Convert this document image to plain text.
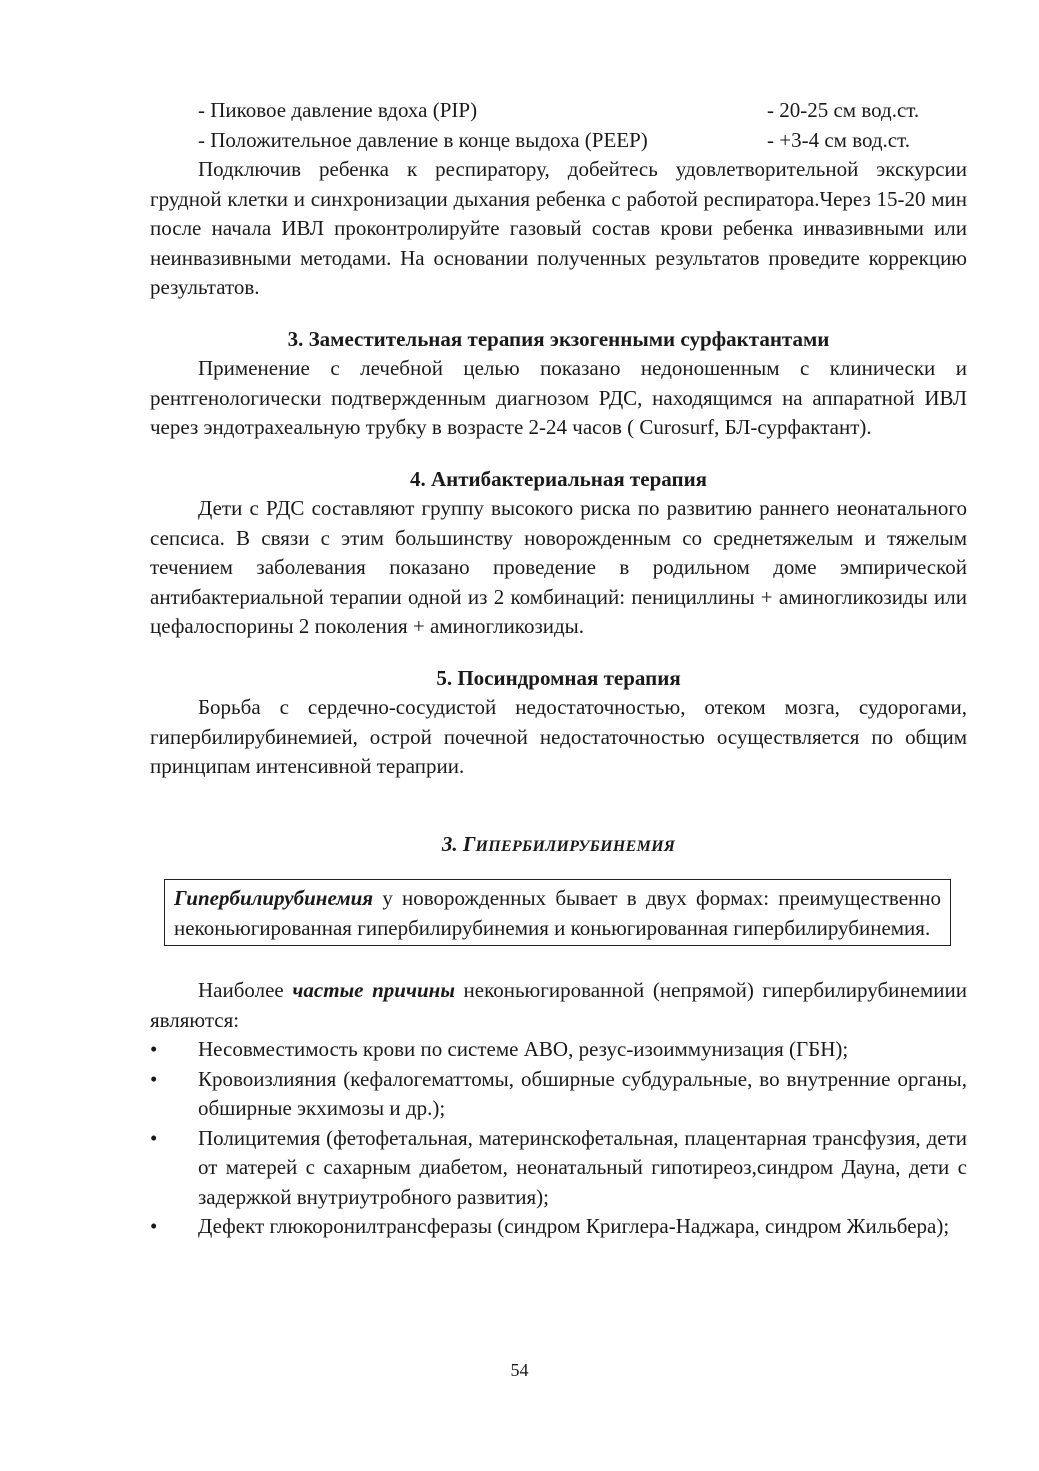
- Пиковое давление вдоха (PIP)	- 20-25 см вод.ст.
- Положительное давление в конце выдоха (PEEP)	- +3-4 см вод.ст.

Подключив ребенка к респиратору, добейтесь удовлетворительной экскурсии грудной клетки и синхронизации дыхания ребенка с работой респиратора.Через 15-20 мин после начала ИВЛ проконтролируйте газовый состав крови ребенка инвазивными или неинвазивными методами. На основании полученных результатов проведите коррекцию результатов.

3. Заместительная терапия экзогенными сурфактантами

Применение с лечебной целью показано недоношенным с клинически и рентгенологически подтвержденным диагнозом РДС, находящимся на аппаратной ИВЛ через эндотрахеальную трубку в возрасте 2-24 часов ( Curosurf, БЛ-сурфактант).

4. Антибактериальная терапия

Дети с РДС составляют группу высокого риска по развитию раннего неонатального сепсиса. В связи с этим большинству новорожденным со среднетяжелым и тяжелым течением заболевания показано проведение в родильном доме эмпирической антибактериальной терапии одной из 2 комбинаций: пенициллины + аминогликозиды или цефалоспорины 2 поколения + аминогликозиды.

5. Посиндромная терапия

Борьба с сердечно-сосудистой недостаточностью, отеком мозга, судорогами, гипербилирубинемией, острой почечной недостаточностью осуществляется по общим принципам интенсивной тераприи.

3. ГИПЕРБИЛИРУБИНЕМИЯ

Гипербилирубинемия у новорожденных бывает в двух формах: преимущественно неконьюгированная гипербилирубинемия и коньюгированная гипербилирубинемия.

Наиболее частые причины неконьюгированной (непрямой) гипербилирубинемиии являются:

• Несовместимость крови по системе АВО, резус-изоиммунизация (ГБН);
• Кровоизлияния (кефалогематтомы, обширные субдуральные, во внутренние органы, обширные экхимозы и др.);
• Полицитемия (фетофетальная, материнскофетальная, плацентарная трансфузия, дети от матерей с сахарным диабетом, неонатальный гипотиреоз,синдром Дауна, дети с задержкой внутриутробного развития);
• Дефект глюкоронилтрансферазы (синдром Криглера-Наджара, синдром Жильбера);
54
